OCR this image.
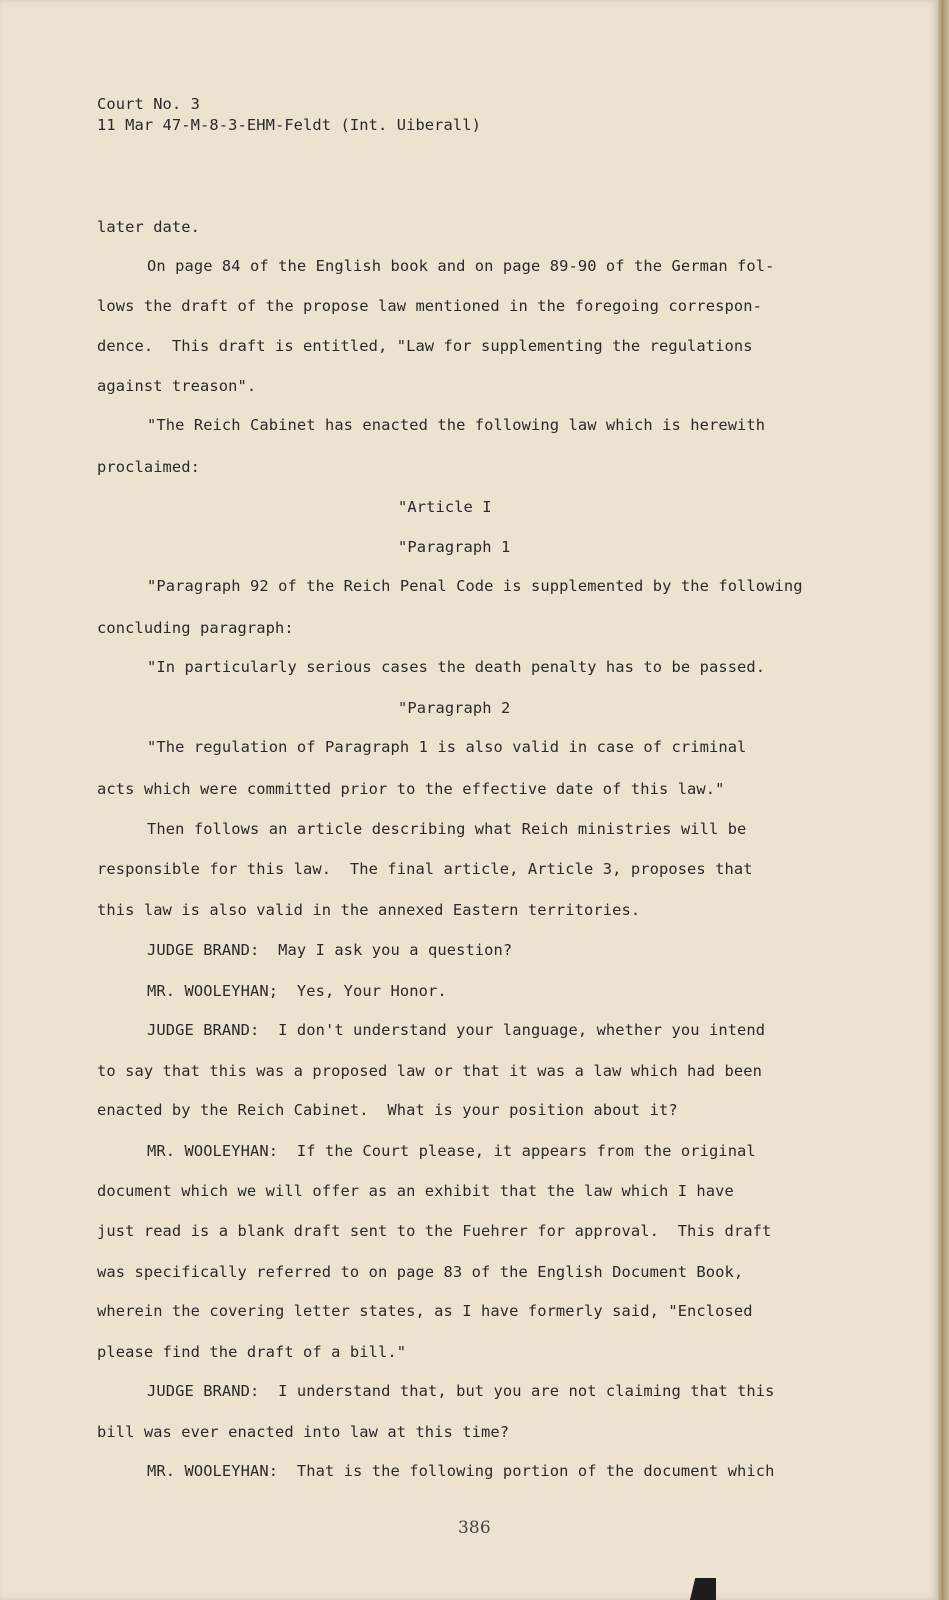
Court No. 3
11 Mar 47-M-8-3-EHM-Feldt (Int. Uiberall)
later date.
On page 84 of the English book and on page 89-90 of the German fol-
lows the draft of the propose law mentioned in the foregoing correspon-
dence.  This draft is entitled, "Law for supplementing the regulations
against treason".
"The Reich Cabinet has enacted the following law which is herewith
proclaimed:
"Article I
"Paragraph 1
"Paragraph 92 of the Reich Penal Code is supplemented by the following
concluding paragraph:
"In particularly serious cases the death penalty has to be passed.
"Paragraph 2
"The regulation of Paragraph 1 is also valid in case of criminal
acts which were committed prior to the effective date of this law."
Then follows an article describing what Reich ministries will be
responsible for this law.  The final article, Article 3, proposes that
this law is also valid in the annexed Eastern territories.
JUDGE BRAND:  May I ask you a question?
MR. WOOLEYHAN;  Yes, Your Honor.
JUDGE BRAND:  I don't understand your language, whether you intend
to say that this was a proposed law or that it was a law which had been
enacted by the Reich Cabinet.  What is your position about it?
MR. WOOLEYHAN:  If the Court please, it appears from the original
document which we will offer as an exhibit that the law which I have
just read is a blank draft sent to the Fuehrer for approval.  This draft
was specifically referred to on page 83 of the English Document Book,
wherein the covering letter states, as I have formerly said, "Enclosed
please find the draft of a bill."
JUDGE BRAND:  I understand that, but you are not claiming that this
bill was ever enacted into law at this time?
MR. WOOLEYHAN:  That is the following portion of the document which
386
